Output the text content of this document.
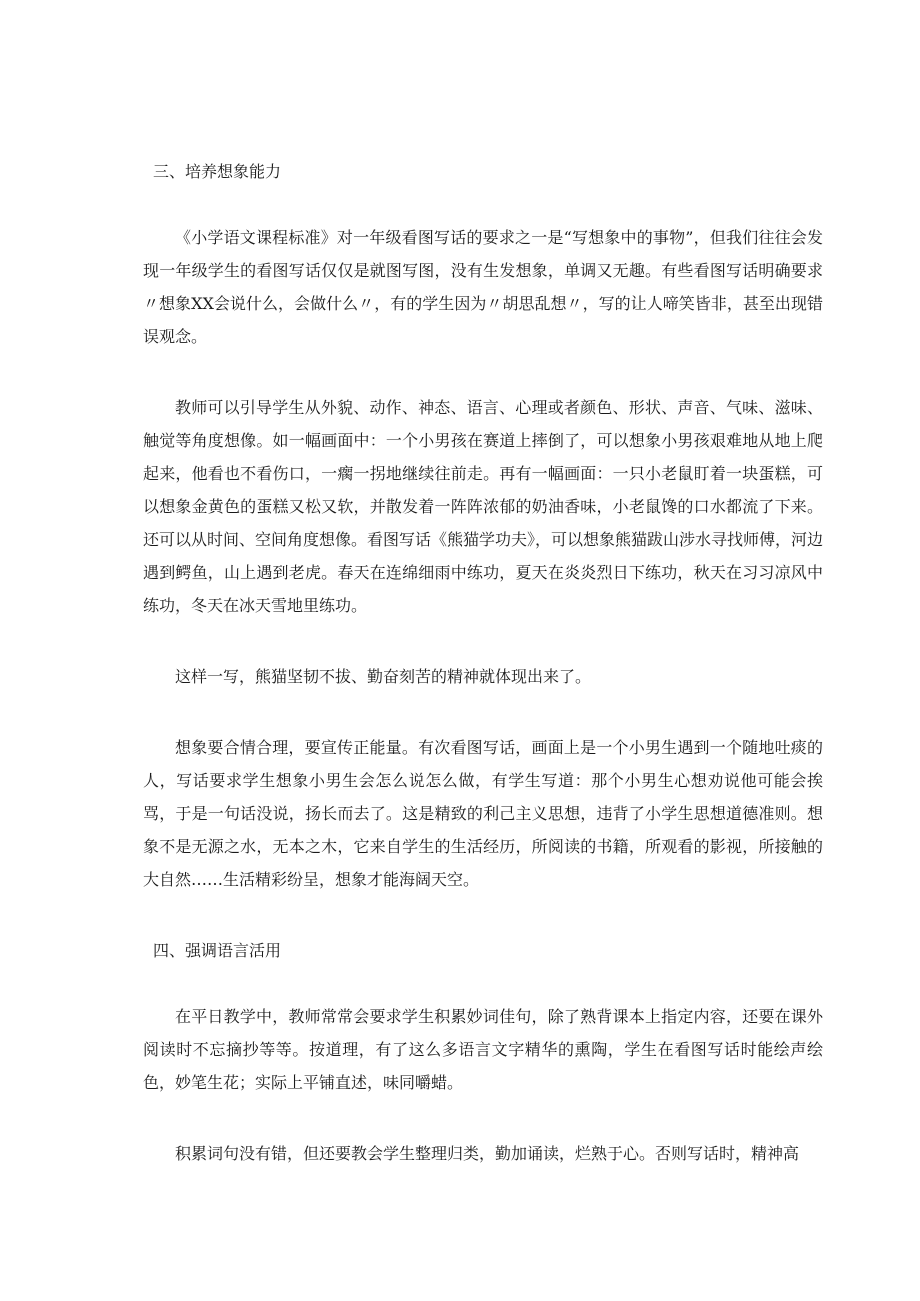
三、培养想象能力

《小学语文课程标准》对一年级看图写话的要求之一是“写想象中的事物”，但我们往往会发现一年级学生的看图写话仅仅是就图写图，没有生发想象，单调又无趣。有些看图写话明确要求〃想象XX会说什么，会做什么〃，有的学生因为〃胡思乱想〃，写的让人啼笑皆非，甚至出现错误观念。

教师可以引导学生从外貌、动作、神态、语言、心理或者颜色、形状、声音、气味、滋味、触觉等角度想像。如一幅画面中：一个小男孩在赛道上摔倒了，可以想象小男孩艰难地从地上爬起来，他看也不看伤口，一瘸一拐地继续往前走。再有一幅画面：一只小老鼠盯着一块蛋糕，可以想象金黄色的蛋糕又松又软，并散发着一阵阵浓郁的奶油香味，小老鼠馋的口水都流了下来。还可以从时间、空间角度想像。看图写话《熊猫学功夫》，可以想象熊猫跋山涉水寻找师傅，河边遇到鳄鱼，山上遇到老虎。春天在连绵细雨中练功，夏天在炎炎烈日下练功，秋天在习习凉风中练功，冬天在冰天雪地里练功。

这样一写，熊猫坚韧不拔、勤奋刻苦的精神就体现出来了。

想象要合情合理，要宣传正能量。有次看图写话，画面上是一个小男生遇到一个随地吐痰的人，写话要求学生想象小男生会怎么说怎么做，有学生写道：那个小男生心想劝说他可能会挨骂，于是一句话没说，扬长而去了。这是精致的利己主义思想，违背了小学生思想道德准则。想象不是无源之水，无本之木，它来自学生的生活经历，所阅读的书籍，所观看的影视，所接触的大自然……生活精彩纷呈，想象才能海阔天空。

四、强调语言活用

在平日教学中，教师常常会要求学生积累妙词佳句，除了熟背课本上指定内容，还要在课外阅读时不忘摘抄等等。按道理，有了这么多语言文字精华的熏陶，学生在看图写话时能绘声绘色，妙笔生花；实际上平铺直述，味同嚼蜡。

积累词句没有错，但还要教会学生整理归类，勤加诵读，烂熟于心。否则写话时，精神高
